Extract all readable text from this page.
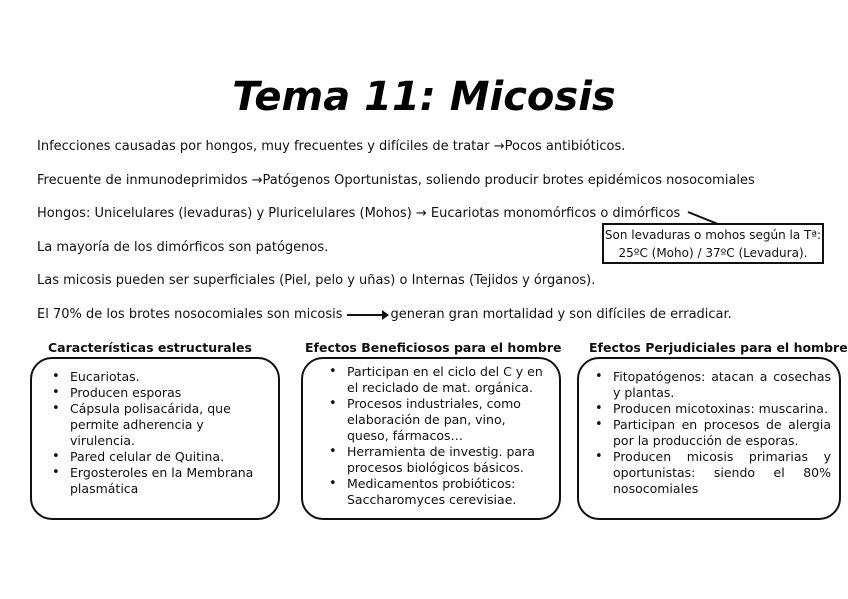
Tema 11: Micosis
Infecciones causadas por hongos, muy frecuentes y difíciles de tratar →Pocos antibióticos.
Frecuente de inmunodeprimidos →Patógenos Oportunistas, soliendo producir brotes epidémicos nosocomiales
Hongos: Unicelulares (levaduras) y Pluricelulares (Mohos) → Eucariotas monomórficos o dimórficos
La mayoría de los dimórficos son patógenos.
Las micosis pueden ser superficiales (Piel, pelo y uñas) o Internas (Tejidos y órganos).
El 70% de los brotes nosocomiales son micosis	generan gran mortalidad y son difíciles de erradicar.
Son levaduras o mohos según la Tª:
25ºC (Moho) / 37ºC (Levadura).
Características estructurales	Efectos Beneficiosos para el hombre Efectos Perjudiciales para el hombre
• Eucariotas.
• Producen esporas
• Cápsula polisacárida, que permite adherencia y virulencia.
• Pared celular de Quitina.
• Ergosteroles en la Membrana plasmática
• Participan en el ciclo del C y en el reciclado de mat. orgánica.
• Procesos industriales, como elaboración de pan, vino, queso, fármacos…
• Herramienta de investig. para procesos biológicos básicos.
• Medicamentos probióticos: Saccharomyces cerevisiae.
• Fitopatógenos: atacan a cosechas y plantas.
• Producen micotoxinas: muscarina.
• Participan en procesos de alergia por la producción de esporas.
• Producen micosis primarias y oportunistas: siendo el 80% nosocomiales
